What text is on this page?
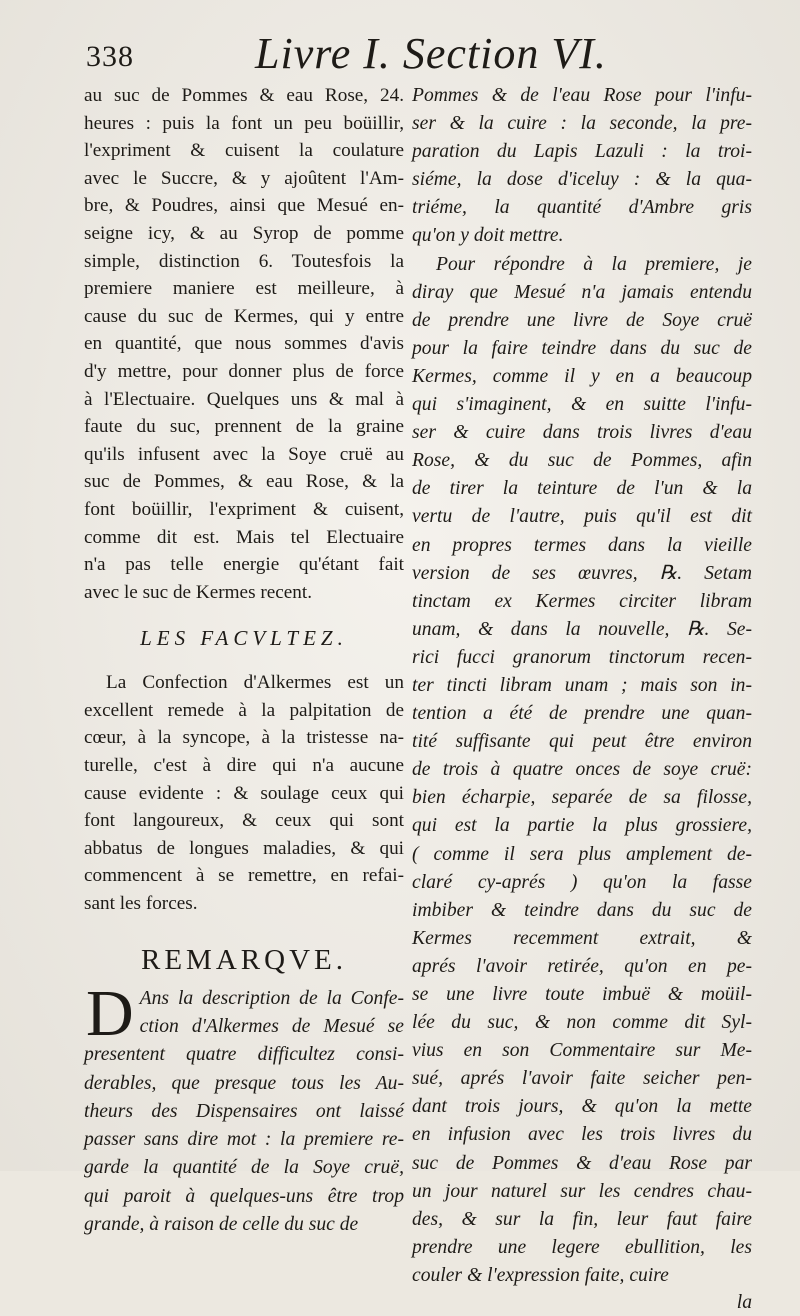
338	Livre I. Section VI.

au suc de Pommes & eau Rose, 24.
heures : puis la font un peu boüillir,
l'expriment & cuisent la coulature
avec le Succre, & y ajoûtent l'Am-
bre, & Poudres, ainsi que Mesué en-
seigne icy, & au Syrop de pomme
simple, distinction 6. Toutesfois la
premiere maniere est meilleure, à
cause du suc de Kermes, qui y entre
en quantité, que nous sommes d'avis
d'y mettre, pour donner plus de force
à l'Electuaire. Quelques uns & mal à
faute du suc, prennent de la graine
qu'ils infusent avec la Soye cruë au
suc de Pommes, & eau Rose, & la
font boüillir, l'expriment & cuisent,
comme dit est. Mais tel Electuaire
n'a pas telle energie qu'étant fait
avec le suc de Kermes recent.

LES FACVLTEZ.

La Confection d'Alkermes est un
excellent remede à la palpitation de
cœur, à la syncope, à la tristesse na-
turelle, c'est à dire qui n'a aucune
cause evidente : & soulage ceux qui
font langoureux, & ceux qui sont
abbatus de longues maladies, & qui
commencent à se remettre, en refai-
sant les forces.

REMARQVE.
D Ans la description de la Confe-
ction d'Alkermes de Mesué se
presentent quatre difficultez consi-
derables, que presque tous les Au-
theurs des Dispensaires ont laissé
passer sans dire mot : la premiere re-
garde la quantité de la Soye cruë,
qui paroit à quelques-uns être trop
grande, à raison de celle du suc de

Pommes & de l'eau Rose pour l'infu-
ser & la cuire : la seconde, la pre-
paration du Lapis Lazuli : la troi-
siéme, la dose d'iceluy : & la qua-
triéme, la quantité d'Ambre gris
qu'on y doit mettre.
Pour répondre à la premiere, je
diray que Mesué n'a jamais entendu
de prendre une livre de Soye cruë
pour la faire teindre dans du suc de
Kermes, comme il y en a beaucoup
qui s'imaginent, & en suitte l'infu-
ser & cuire dans trois livres d'eau
Rose, & du suc de Pommes, afin
de tirer la teinture de l'un & la
vertu de l'autre, puis qu'il est dit
en propres termes dans la vieille
version de ses œuvres, ℞. Setam
tinctam ex Kermes circiter libram
unam, & dans la nouvelle, ℞. Se-
rici fucci granorum tinctorum recen-
ter tincti libram unam ; mais son in-
tention a été de prendre une quan-
tité suffisante qui peut être environ
de trois à quatre onces de soye cruë:
bien écharpie, separée de sa filosse,
qui est la partie la plus grossiere,
( comme il sera plus amplement de-
claré cy-aprés ) qu'on la fasse
imbiber & teindre dans du suc de
Kermes recemment extrait, &
aprés l'avoir retirée, qu'on en pe-
se une livre toute imbuë & moüil-
lée du suc, & non comme dit Syl-
vius en son Commentaire sur Me-
sué, aprés l'avoir faite seicher pen-
dant trois jours, & qu'on la mette
en infusion avec les trois livres du
suc de Pommes & d'eau Rose par
un jour naturel sur les cendres chau-
des, & sur la fin, leur faut faire
prendre une legere ebullition, les
couler & l'expression faite, cuire

la
